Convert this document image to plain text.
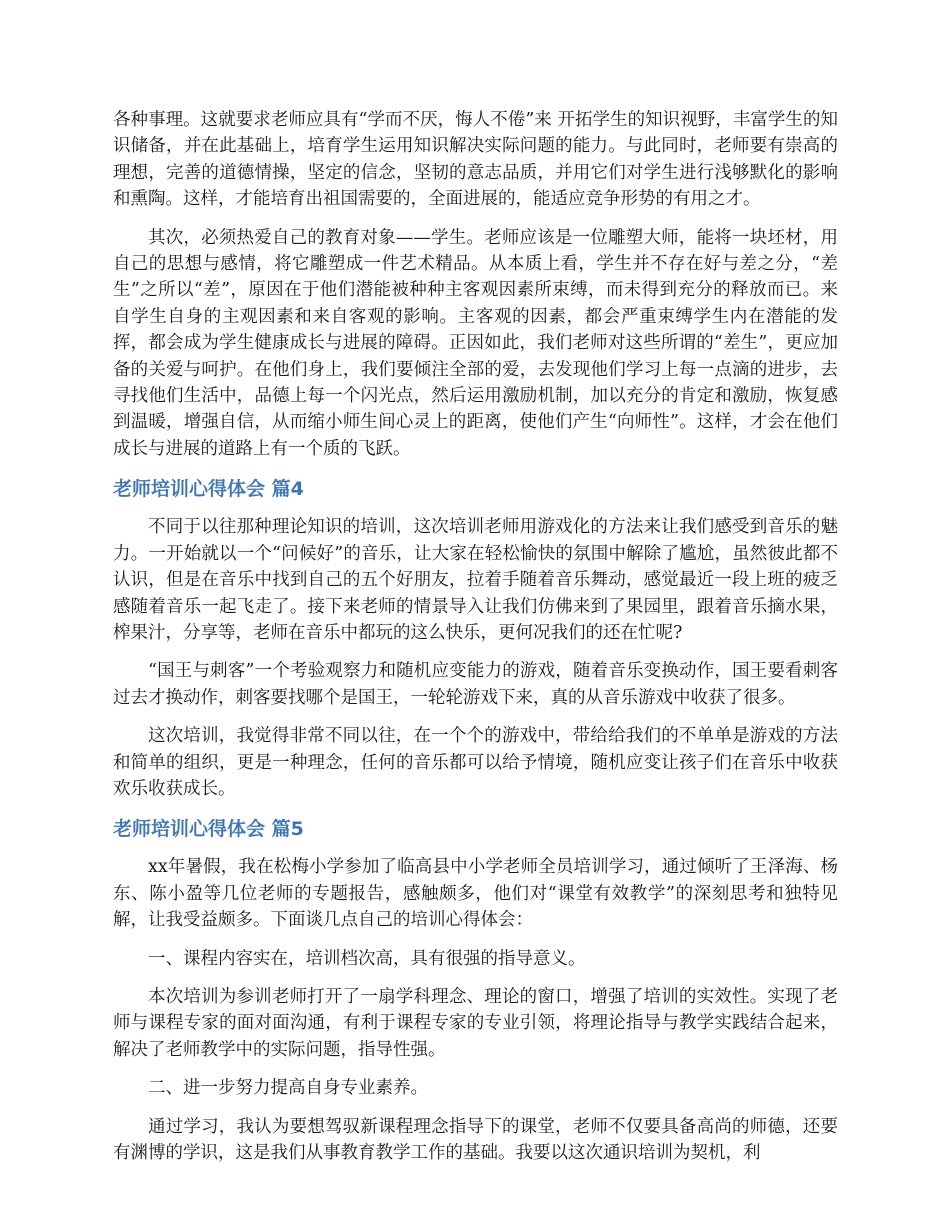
各种事理。这就要求老师应具有“学而不厌，悔人不倦”来 开拓学生的知识视野，丰富学生的知识储备，并在此基础上，培育学生运用知识解决实际问题的能力。与此同时，老师要有崇高的理想，完善的道德情操，坚定的信念，坚韧的意志品质，并用它们对学生进行浅够默化的影响和熏陶。这样，才能培育出祖国需要的，全面进展的，能适应竞争形势的有用之才。

其次，必须热爱自己的教育对象——学生。老师应该是一位雕塑大师，能将一块坯材，用自己的思想与感情，将它雕塑成一件艺术精品。从本质上看，学生并不存在好与差之分，“差生”之所以“差”，原因在于他们潜能被种种主客观因素所束缚，而未得到充分的释放而已。来自学生自身的主观因素和来自客观的影响。主客观的因素，都会严重束缚学生内在潜能的发挥，都会成为学生健康成长与进展的障碍。正因如此，我们老师对这些所谓的“差生”，更应加备的关爱与呵护。在他们身上，我们要倾注全部的爱，去发现他们学习上每一点滴的进步，去寻找他们生活中，品德上每一个闪光点，然后运用激励机制，加以充分的肯定和激励，恢复感到温暖，增强自信，从而缩小师生间心灵上的距离，使他们产生“向师性”。这样，才会在他们成长与进展的道路上有一个质的飞跃。

老师培训心得体会 篇4

不同于以往那种理论知识的培训，这次培训老师用游戏化的方法来让我们感受到音乐的魅力。一开始就以一个“问候好”的音乐，让大家在轻松愉快的氛围中解除了尴尬，虽然彼此都不认识，但是在音乐中找到自己的五个好朋友，拉着手随着音乐舞动，感觉最近一段上班的疲乏感随着音乐一起飞走了。接下来老师的情景导入让我们仿佛来到了果园里，跟着音乐摘水果，榨果汁，分享等，老师在音乐中都玩的这么快乐，更何况我们的还在忙呢?

“国王与刺客”一个考验观察力和随机应变能力的游戏，随着音乐变换动作，国王要看刺客过去才换动作，刺客要找哪个是国王，一轮轮游戏下来，真的从音乐游戏中收获了很多。

这次培训，我觉得非常不同以往，在一个个的游戏中，带给给我们的不单单是游戏的方法和简单的组织，更是一种理念，任何的音乐都可以给予情境，随机应变让孩子们在音乐中收获欢乐收获成长。

老师培训心得体会 篇5

xx年暑假，我在松梅小学参加了临高县中小学老师全员培训学习，通过倾听了王泽海、杨东、陈小盈等几位老师的专题报告，感触颇多，他们对“课堂有效教学”的深刻思考和独特见解，让我受益颇多。下面谈几点自己的培训心得体会：

一、课程内容实在，培训档次高，具有很强的指导意义。

本次培训为参训老师打开了一扇学科理念、理论的窗口，增强了培训的实效性。实现了老师与课程专家的面对面沟通，有利于课程专家的专业引领，将理论指导与教学实践结合起来，解决了老师教学中的实际问题，指导性强。

二、进一步努力提高自身专业素养。

通过学习，我认为要想驾驭新课程理念指导下的课堂，老师不仅要具备高尚的师德，还要有渊博的学识，这是我们从事教育教学工作的基础。我要以这次通识培训为契机，利
